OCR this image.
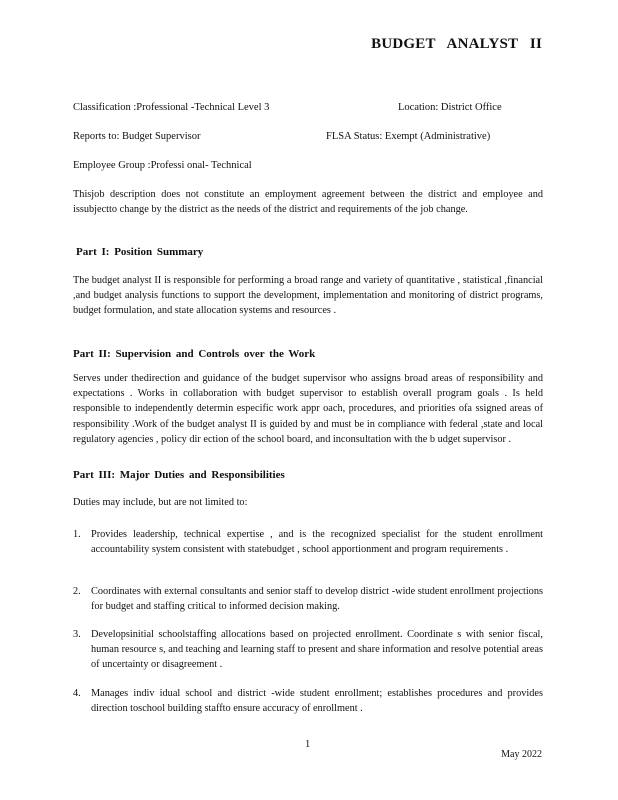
BUDGET ANALYST II
Classification :Professional -Technical Level 3	Location: District Office
Reports to: Budget Supervisor	FLSA Status: Exempt (Administrative)
Employee Group :Professi onal- Technical
Thisjob description does not constitute an employment agreement between the district and employee and issubjectto change by the district as the needs of the district and requirements of the job change.
Part I: Position Summary
The budget analyst II is responsible for performing a broad range and variety of quantitative , statistical ,financial ,and budget analysis functions to support the development, implementation and monitoring of district programs, budget formulation, and state allocation systems and resources .
Part II: Supervision and Controls over the Work
Serves under thedirection and guidance of the budget supervisor who assigns broad areas of responsibility and expectations . Works in collaboration with budget supervisor to establish overall program goals . Is held responsible to independently determin especific work appr oach, procedures, and priorities ofa ssigned areas of responsibility .Work of the budget analyst II is guided by and must be in compliance with federal ,state and local regulatory agencies , policy dir ection of the school board, and inconsultation with the b udget supervisor .
Part III: Major Duties and Responsibilities
Duties may include, but are not limited to:
1. Provides leadership, technical expertise , and is the recognized specialist for the student enrollment accountability system consistent with statebudget , school apportionment and program requirements .
2. Coordinates with external consultants and senior staff to develop district -wide student enrollment projections for budget and staffing critical to informed decision making.
3. Developsinitial schoolstaffing allocations based on projected enrollment. Coordinate s with senior fiscal, human resource s, and teaching and learning staff to present and share information and resolve potential areas of uncertainty or disagreement .
4. Manages indiv idual school and district -wide student enrollment; establishes procedures and provides direction toschool building staffto ensure accuracy of enrollment .
1
May 2022
